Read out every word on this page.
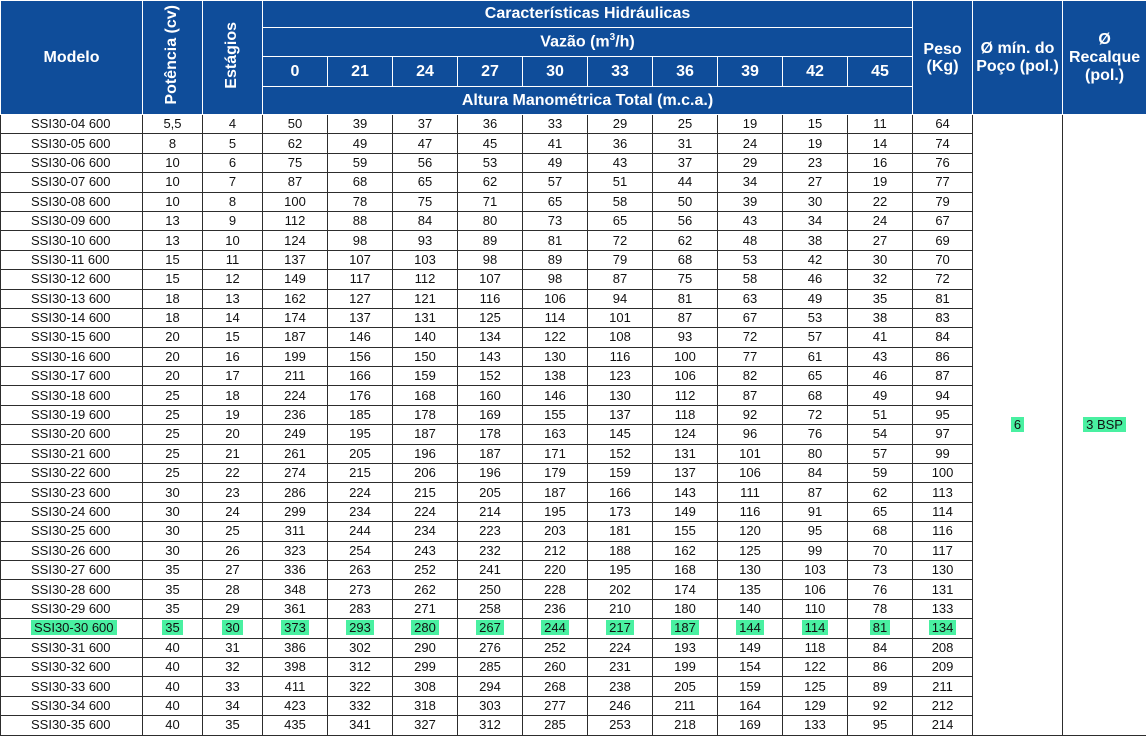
Modelo	Potência (cv)	Estágios	Características Hidráulicas										Peso (Kg)	Ø mín. do Poço (pol.)	Ø Recalque (pol.)
			Vazão $(m^3/h)$												
			0	21	24	27	30	33	36	39	42	45			
			Altura Manométrica Total (m.c.a.)												
SSI30-04 600	5,5	4	50	39	37	36	33	29	25	19	15	11	64	6	3 BSP
SSI30-05 600	8	5	62	49	47	45	41	36	31	24	19	14	74		
SSI30-06 600	10	6	75	59	56	53	49	43	37	29	23	16	76		
SSI30-07 600	10	7	87	68	65	62	57	51	44	34	27	19	77		
SSI30-08 600	10	8	100	78	75	71	65	58	50	39	30	22	79		
SSI30-09 600	13	9	112	88	84	80	73	65	56	43	34	24	67		
SSI30-10 600	13	10	124	98	93	89	81	72	62	48	38	27	69		
SSI30-11 600	15	11	137	107	103	98	89	79	68	53	42	30	70		
SSI30-12 600	15	12	149	117	112	107	98	87	75	58	46	32	72		
SSI30-13 600	18	13	162	127	121	116	106	94	81	63	49	35	81		
SSI30-14 600	18	14	174	137	131	125	114	101	87	67	53	38	83		
SSI30-15 600	20	15	187	146	140	134	122	108	93	72	57	41	84		
SSI30-16 600	20	16	199	156	150	143	130	116	100	77	61	43	86		
SSI30-17 600	20	17	211	166	159	152	138	123	106	82	65	46	87		
SSI30-18 600	25	18	224	176	168	160	146	130	112	87	68	49	94		
SSI30-19 600	25	19	236	185	178	169	155	137	118	92	72	51	95		
SSI30-20 600	25	20	249	195	187	178	163	145	124	96	76	54	97		
SSI30-21 600	25	21	261	205	196	187	171	152	131	101	80	57	99		
SSI30-22 600	25	22	274	215	206	196	179	159	137	106	84	59	100		
SSI30-23 600	30	23	286	224	215	205	187	166	143	111	87	62	113		
SSI30-24 600	30	24	299	234	224	214	195	173	149	116	91	65	114		
SSI30-25 600	30	25	311	244	234	223	203	181	155	120	95	68	116		
SSI30-26 600	30	26	323	254	243	232	212	188	162	125	99	70	117		
SSI30-27 600	35	27	336	263	252	241	220	195	168	130	103	73	130		
SSI30-28 600	35	28	348	273	262	250	228	202	174	135	106	76	131		
SSI30-29 600	35	29	361	283	271	258	236	210	180	140	110	78	133		
SSI30-30 600	35	30	373	293	280	267	244	217	187	144	114	81	134		
SSI30-31 600	40	31	386	302	290	276	252	224	193	149	118	84	208		
SSI30-32 600	40	32	398	312	299	285	260	231	199	154	122	86	209		
SSI30-33 600	40	33	411	322	308	294	268	238	205	159	125	89	211		
SSI30-34 600	40	34	423	332	318	303	277	246	211	164	129	92	212		
SSI30-35 600	40	35	435	341	327	312	285	253	218	169	133	95	214		
